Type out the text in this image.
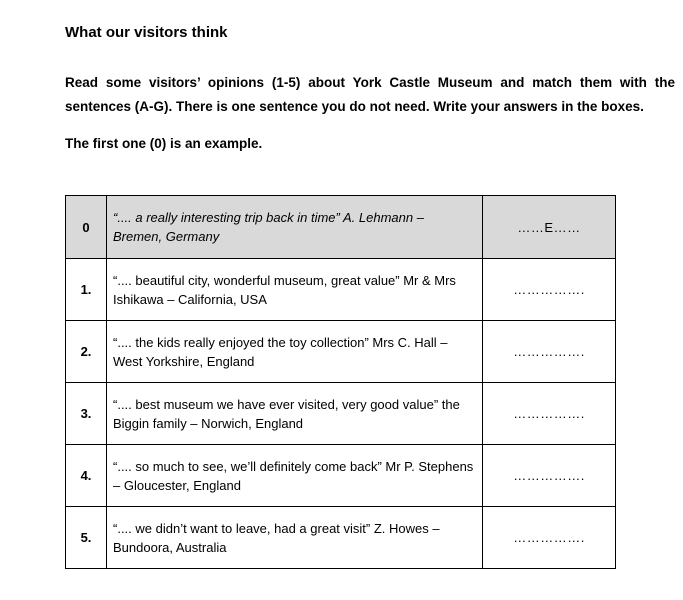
What our visitors think
Read some visitors’ opinions (1-5) about York Castle Museum and match them with the sentences (A-G). There is one sentence you do not need. Write your answers in the boxes.
The first one (0) is an example.
0	“.... a really interesting trip back in time” A. Lehmann – Bremen, Germany	……E……
1.	“.... beautiful city, wonderful museum, great value” Mr & Mrs Ishikawa – California, USA	…………….
2.	“.... the kids really enjoyed the toy collection” Mrs C. Hall – West Yorkshire, England	…………….
3.	“.... best museum we have ever visited, very good value” the Biggin family – Norwich, England	…………….
4.	“.... so much to see, we’ll definitely come back” Mr P. Stephens – Gloucester, England	…………….
5.	“.... we didn’t want to leave, had a great visit” Z. Howes – Bundoora, Australia	…………….
